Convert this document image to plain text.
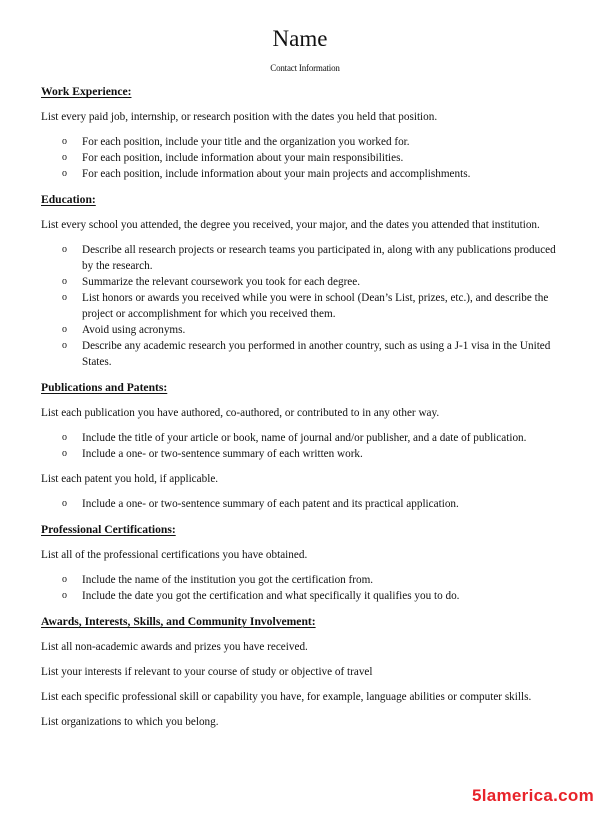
Name
Contact Information
Work Experience:

List every paid job, internship, or research position with the dates you held that position.

o For each position, include your title and the organization you worked for.
o For each position, include information about your main responsibilities.
o For each position, include information about your main projects and accomplishments.
Education:

List every school you attended, the degree you received, your major, and the dates you attended that institution.

o Describe all research projects or research teams you participated in, along with any publications produced by the research.
o Summarize the relevant coursework you took for each degree.
o List honors or awards you received while you were in school (Dean’s List, prizes, etc.), and describe the project or accomplishment for which you received them.
o Avoid using acronyms.
o Describe any academic research you performed in another country, such as using a J-1 visa in the United States.
Publications and Patents:

List each publication you have authored, co-authored, or contributed to in any other way.

o Include the title of your article or book, name of journal and/or publisher, and a date of publication.
o Include a one- or two-sentence summary of each written work.

List each patent you hold, if applicable.

o Include a one- or two-sentence summary of each patent and its practical application.
Professional Certifications:

List all of the professional certifications you have obtained.

o Include the name of the institution you got the certification from.
o Include the date you got the certification and what specifically it qualifies you to do.
Awards, Interests, Skills, and Community Involvement:

List all non-academic awards and prizes you have received.

List your interests if relevant to your course of study or objective of travel

List each specific professional skill or capability you have, for example, language abilities or computer skills.

List organizations to which you belong.

5lamerica.com
